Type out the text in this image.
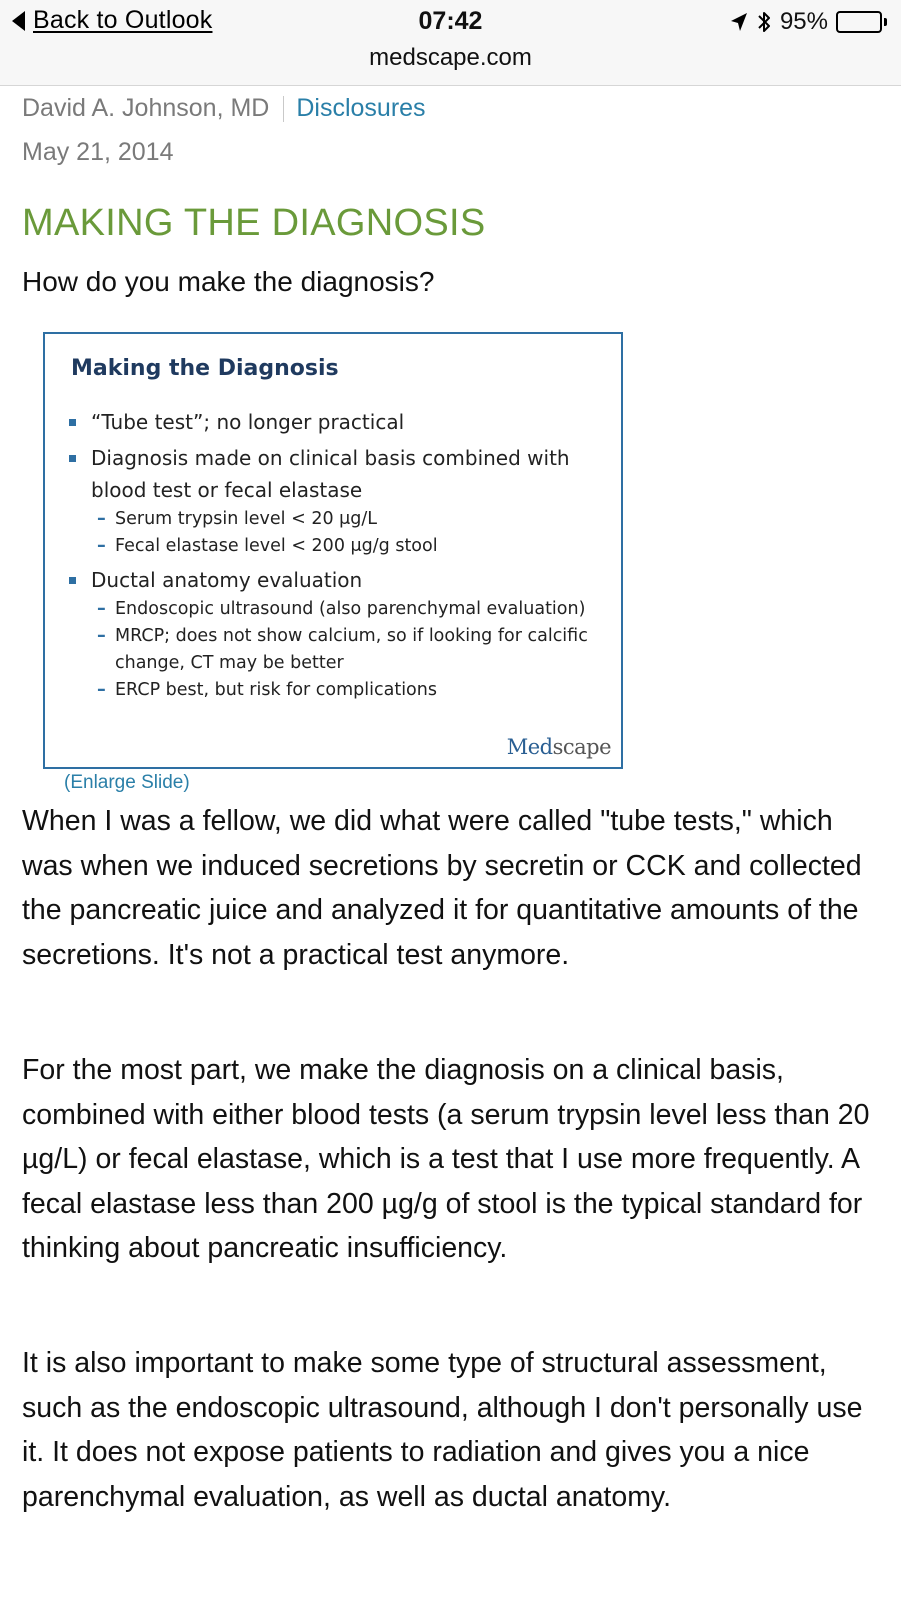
Back to Outlook	07:42	95%
medscape.com
David A. Johnson, MD Disclosures
May 21, 2014
MAKING THE DIAGNOSIS
How do you make the diagnosis?
Making the Diagnosis
“Tube test”; no longer practical
Diagnosis made on clinical basis combined with blood test or fecal elastase
– Serum trypsin level < 20 μg/L
– Fecal elastase level < 200 μg/g stool
Ductal anatomy evaluation
– Endoscopic ultrasound (also parenchymal evaluation)
– MRCP; does not show calcium, so if looking for calcific change, CT may be better
– ERCP best, but risk for complications
Medscape
(Enlarge Slide)

When I was a fellow, we did what were called "tube tests," which was when we induced secretions by secretin or CCK and collected the pancreatic juice and analyzed it for quantitative amounts of the secretions. It's not a practical test anymore.

For the most part, we make the diagnosis on a clinical basis, combined with either blood tests (a serum trypsin level less than 20 µg/L) or fecal elastase, which is a test that I use more frequently. A fecal elastase less than 200 µg/g of stool is the typical standard for thinking about pancreatic insufficiency.

It is also important to make some type of structural assessment, such as the endoscopic ultrasound, although I don't personally use it. It does not expose patients to radiation and gives you a nice parenchymal evaluation, as well as ductal anatomy.
